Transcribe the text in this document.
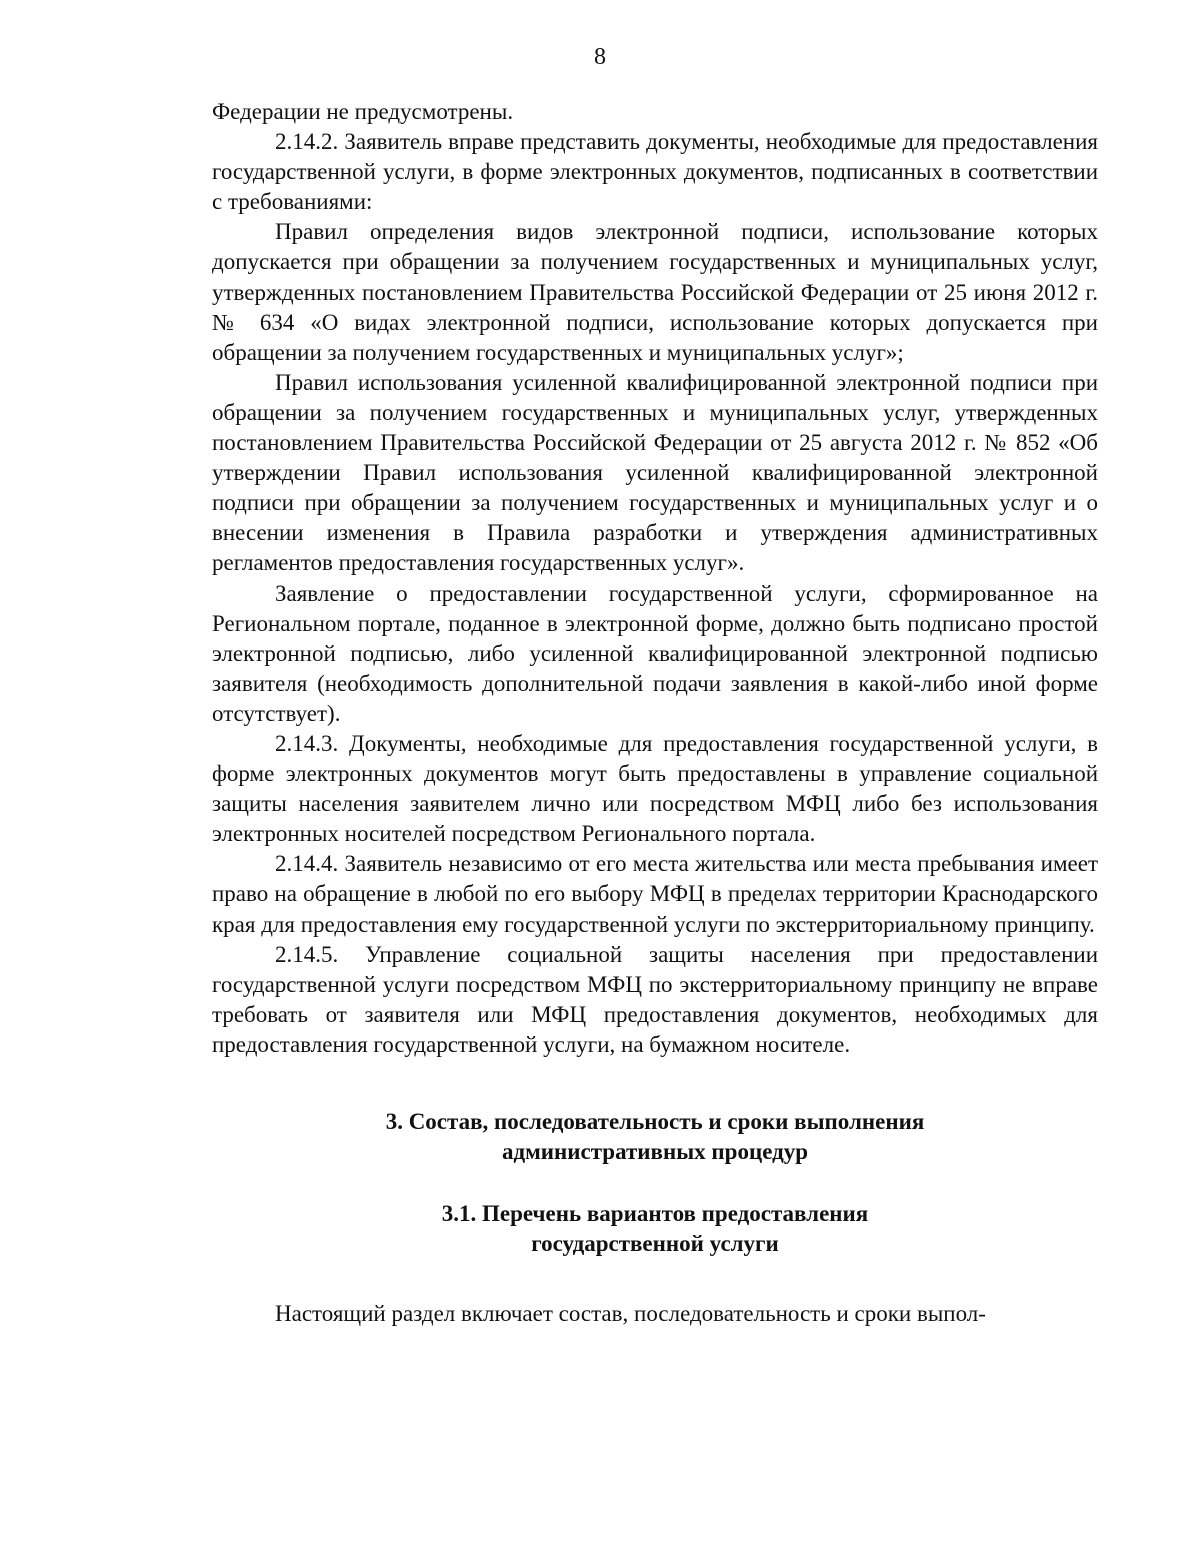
8

Федерации не предусмотрены.

2.14.2. Заявитель вправе представить документы, необходимые для предоставления государственной услуги, в форме электронных документов, подписанных в соответствии с требованиями:

Правил определения видов электронной подписи, использование которых допускается при обращении за получением государственных и муниципальных услуг, утвержденных постановлением Правительства Российской Федерации от 25 июня 2012 г. № 634 «О видах электронной подписи, использование которых допускается при обращении за получением государственных и муниципальных услуг»;

Правил использования усиленной квалифицированной электронной подписи при обращении за получением государственных и муниципальных услуг, утвержденных постановлением Правительства Российской Федерации от 25 августа 2012 г. № 852 «Об утверждении Правил использования усиленной квалифицированной электронной подписи при обращении за получением государственных и муниципальных услуг и о внесении изменения в Правила разработки и утверждения административных регламентов предоставления государственных услуг».

Заявление о предоставлении государственной услуги, сформированное на Региональном портале, поданное в электронной форме, должно быть подписано простой электронной подписью, либо усиленной квалифицированной электронной подписью заявителя (необходимость дополнительной подачи заявления в какой-либо иной форме отсутствует).

2.14.3. Документы, необходимые для предоставления государственной услуги, в форме электронных документов могут быть предоставлены в управление социальной защиты населения заявителем лично или посредством МФЦ либо без использования электронных носителей посредством Регионального портала.

2.14.4. Заявитель независимо от его места жительства или места пребывания имеет право на обращение в любой по его выбору МФЦ в пределах территории Краснодарского края для предоставления ему государственной услуги по экстерриториальному принципу.

2.14.5. Управление социальной защиты населения при предоставлении государственной услуги посредством МФЦ по экстерриториальному принципу не вправе требовать от заявителя или МФЦ предоставления документов, необходимых для предоставления государственной услуги, на бумажном носителе.

3. Состав, последовательность и сроки выполнения
административных процедур

3.1. Перечень вариантов предоставления
государственной услуги

Настоящий раздел включает состав, последовательность и сроки выпол-
